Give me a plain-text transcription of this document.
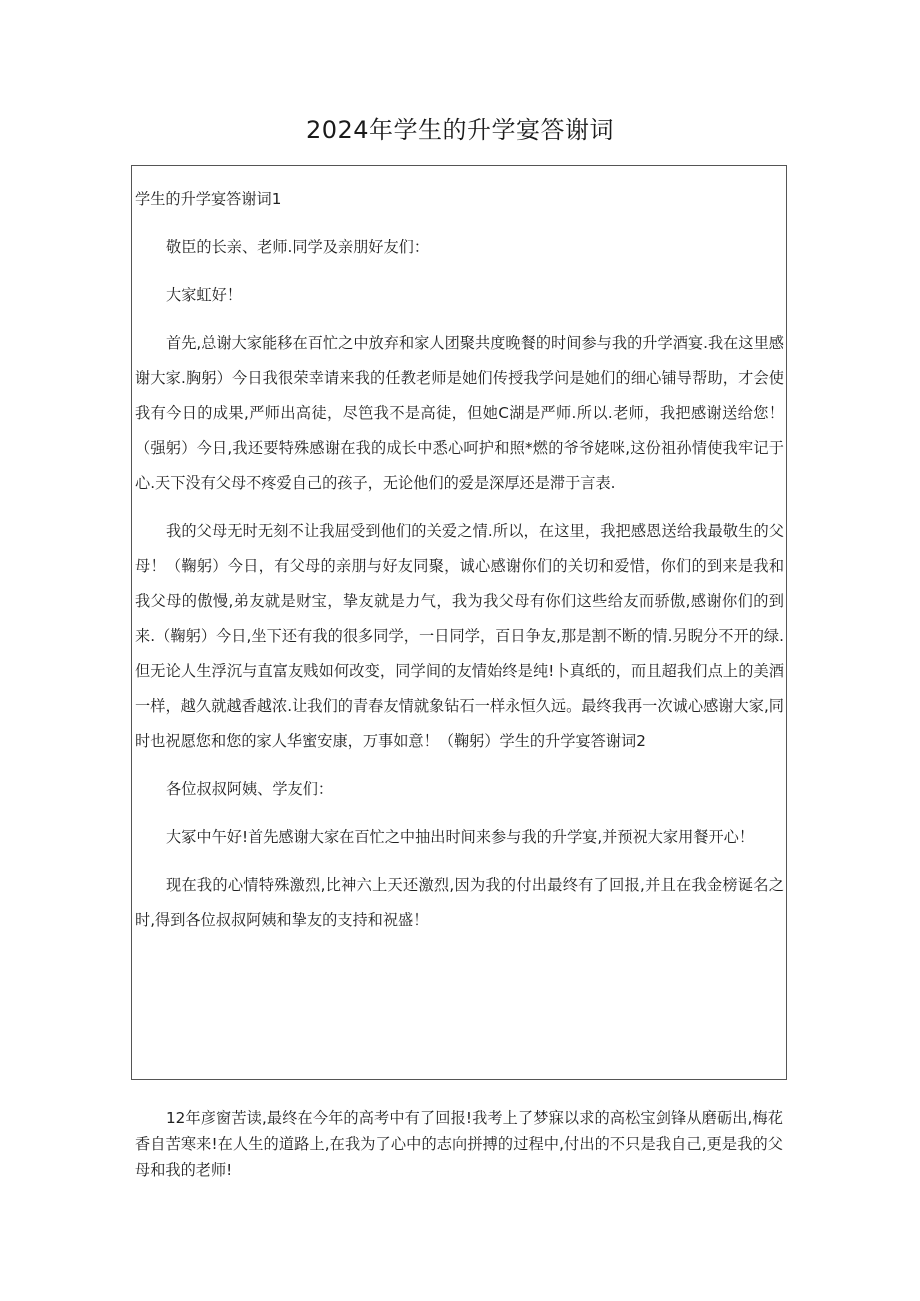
2024年学生的升学宴答谢词

学生的升学宴答谢词1

敬臣的长亲、老师.同学及亲朋好友们：

大家虹好！

首先,总谢大家能移在百忙之中放弃和家人团聚共度晚餐的时间参与我的升学酒宴.我在这里感谢大家.胸躬）今日我很荣幸请来我的任教老师是她们传授我学问是她们的细心铺导帮助，才会使我有今日的成果,严师出高徒，尽笆我不是高徒，但她C湖是严师.所以.老师，我把感谢送给您！（强躬）今日,我还要特殊感谢在我的成长中悉心呵护和照*燃的爷爷姥咪,这份祖孙情使我牢记于心.天下没有父母不疼爱自己的孩子，无论他们的爱是深厚还是滞于言表.

我的父母无时无刻不让我屈受到他们的关爱之情.所以，在这里，我把感恩送给我最敬生的父母！（鞠躬）今日，有父母的亲朋与好友同聚，诚心感谢你们的关切和爱惜，你们的到来是我和我父母的傲慢,弟友就是财宝，挚友就是力气，我为我父母有你们这些给友而骄傲,感谢你们的到来.（鞠躬）今日,坐下还有我的很多同学，一日同学，百日争友,那是割不断的情.另睨分不开的绿.但无论人生浮沉与直富友贱如何改变，同学间的友情始终是纯!卜真纸的，而且超我们点上的美酒一样，越久就越香越浓.让我们的青春友情就象钻石一样永恒久远。最终我再一次诚心感谢大家,同时也祝愿您和您的家人华蜜安康，万事如意！（鞠躬）学生的升学宴答谢词2

各位叔叔阿姨、学友们：

大冢中午好!首先感谢大家在百忙之中抽出时间来参与我的升学宴,并预祝大家用餐开心！

现在我的心情特殊激烈,比神六上天还激烈,因为我的付出最终有了回报,并且在我金榜诞名之时,得到各位叔叔阿姨和挚友的支持和祝盛！

12年彦窗苦读,最终在今年的高考中有了回报!我考上了梦寐以求的高松宝剑锋从磨砺出,梅花香自苦寒来!在人生的道路上,在我为了心中的志向拼搏的过程中,付出的不只是我自己,更是我的父母和我的老师!
